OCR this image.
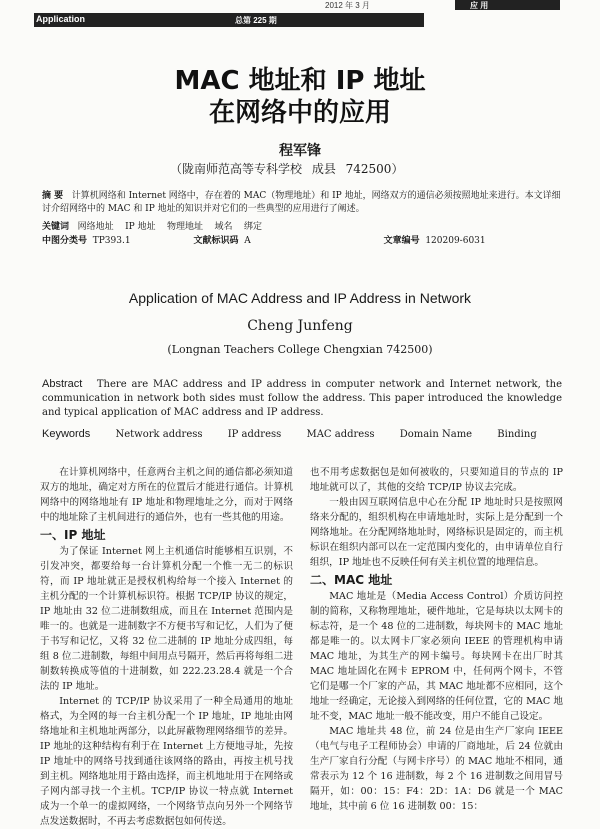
Application	总第 225 期
2012 年 3 月	应 用
MAC 地址和 IP 地址
在网络中的应用
程军锋
（陇南师范高等专科学校 成县 742500）
摘 要 计算机网络和 Internet 网络中，存在着的 MAC（物理地址）和 IP 地址，网络双方的通信必须按照地址来进行。本文详细讨介绍网络中的 MAC 和 IP 地址的知识并对它们的一些典型的应用进行了阐述。
关键词 网络地址 IP 地址 物理地址 域名 绑定
中图分类号 TP393.1	文献标识码 A	文章编号 120209-6031
Application of MAC Address and IP Address in Network
Cheng Junfeng
(Longnan Teachers College Chengxian 742500)
Abstract There are MAC address and IP address in computer network and Internet network, the communication in network both sides must follow the address. This paper introduced the knowledge and typical application of MAC address and IP address.
Keywords	Network address	IP address	MAC address	Domain Name	Binding

在计算机网络中，任意两台主机之间的通信都必须知道双方的地址，确定对方所在的位置后才能进行通信。计算机网络中的网络地址有 IP 地址和物理地址之分，而对于网络中的地址除了主机间进行的通信外，也有一些其他的用途。

一、IP 地址

为了保证 Internet 网上主机通信时能够相互识别，不引发冲突，都要给每一台计算机分配一个惟一无二的标识符，而 IP 地址就正是授权机构给每一个接入 Internet 的主机分配的一个计算机标识符。根据 TCP/IP 协议的规定，IP 地址由 32 位二进制数组成，而且在 Internet 范围内是唯一的。也就是一进制数字不方便书写和记忆，人们为了便于书写和记忆，又将 32 位二进制的 IP 地址分成四组，每组 8 位二进制数，每组中间用点号隔开，然后再将每组二进制数转换成等值的十进制数，如 222.23.28.4 就是一个合法的 IP 地址。

Internet 的 TCP/IP 协议采用了一种全局通用的地址格式，为全网的每一台主机分配一个 IP 地址，IP 地址由网络地址和主机地址两部分，以此屏蔽物理网络细节的差异。IP 地址的这种结构有利于在 Internet 上方便地寻址，先按 IP 地址中的网络号找到通往该网络的路由，再按主机号找到主机。网络地址用于路由选择，而主机地址用于在网络或子网内部寻找一个主机。TCP/IP 协议一特点就 Internet 成为一个单一的虚拟网络，一个网络节点向另外一个网络节点发送数据时，不再去考虑数据包如何传送。

也不用考虑数据包是如何被收的，只要知道目的节点的 IP 地址就可以了，其他的交给 TCP/IP 协议去完成。

一般由因互联网信息中心在分配 IP 地址时只是按照网络来分配的，组织机构在申请地址时，实际上是分配到一个网络地址。在分配网络地址时，网络标识是固定的，而主机标识在组织内部可以在一定范围内变化的，由申请单位自行组织，IP 地址也不反映任何有关主机位置的地理信息。

二、MAC 地址

MAC 地址是（Media Access Control）介质访问控制的简称，又称物理地址，硬件地址，它是每块以太网卡的标志符，是一个 48 位的二进制数，每块网卡的 MAC 地址都是唯一的。以太网卡厂家必须向 IEEE 的管理机构申请 MAC 地址，为其生产的网卡编号。每块网卡在出厂时其 MAC 地址固化在网卡 EPROM 中，任何两个网卡，不管它们是哪一个厂家的产品，其 MAC 地址都不应相同，这个地址一经确定，无论接入到网络的任何位置，它的 MAC 地址不变，MAC 地址一般不能改变，用户不能自己设定。

MAC 地址共 48 位，前 24 位是由生产厂家向 IEEE（电气与电子工程师协会）申请的厂商地址，后 24 位就由生产厂家自行分配（与网卡序号）的 MAC 地址不相同，通常表示为 12 个 16 进制数，每 2 个 16 进制数之间用冒号隔开，如：00：15：F4：2D：1A：D6 就是一个 MAC 地址，其中前 6 位 16 进制数 00：15：
